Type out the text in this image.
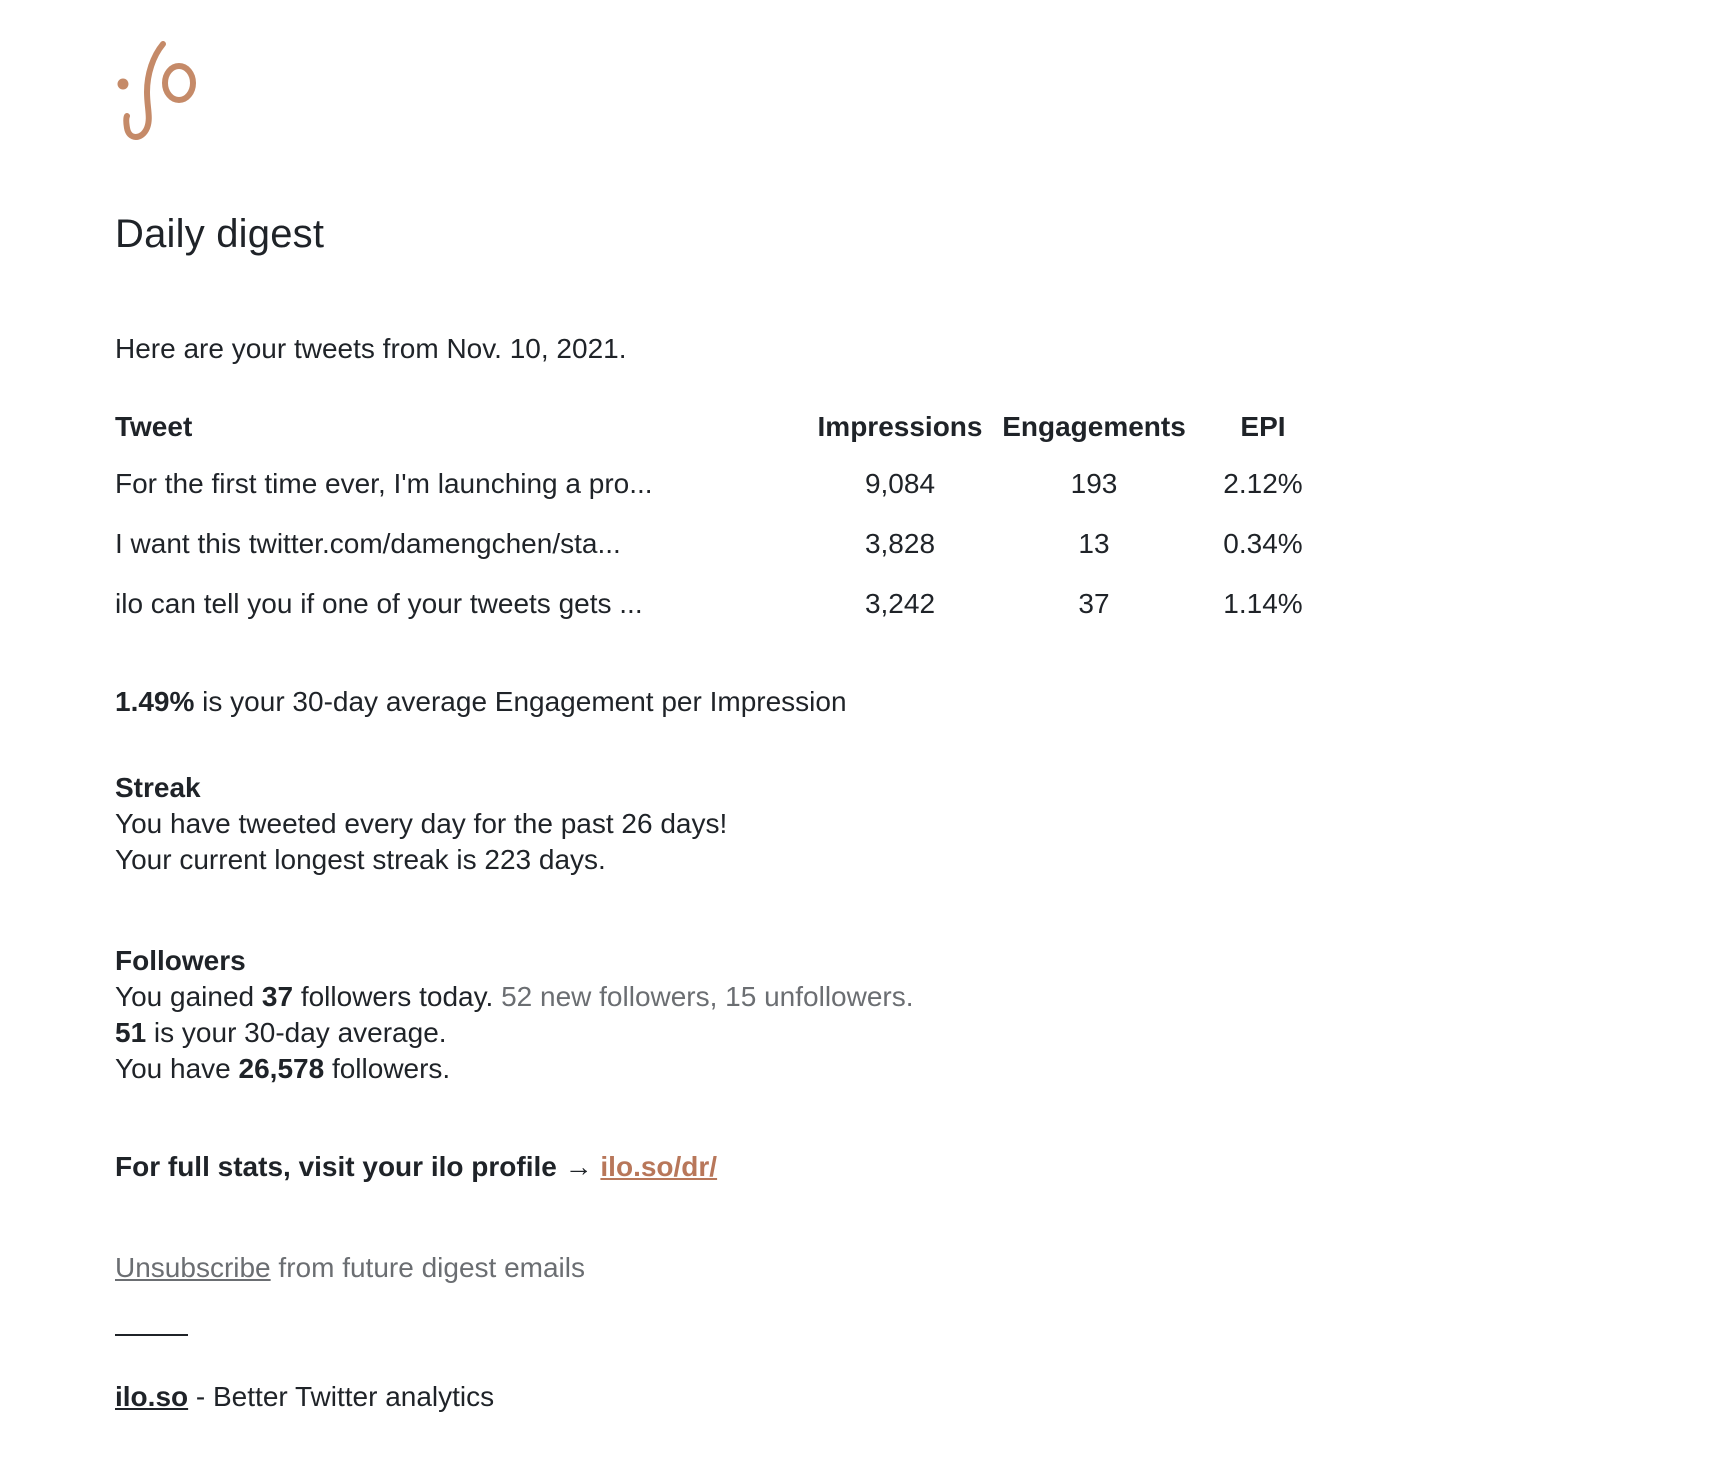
Daily digest
Here are your tweets from Nov. 10, 2021.
Tweet	Impressions	Engagements	EPI
For the first time ever, I'm launching a pro...	9,084	193	2.12%
I want this twitter.com/damengchen/sta...	3,828	13	0.34%
ilo can tell you if one of your tweets gets ...	3,242	37	1.14%
1.49% is your 30-day average Engagement per Impression
Streak
You have tweeted every day for the past 26 days!
Your current longest streak is 223 days.
Followers
You gained 37 followers today. 52 new followers, 15 unfollowers.
51 is your 30-day average.
You have 26,578 followers.
For full stats, visit your ilo profile → ilo.so/dr/
Unsubscribe from future digest emails
ilo.so - Better Twitter analytics
